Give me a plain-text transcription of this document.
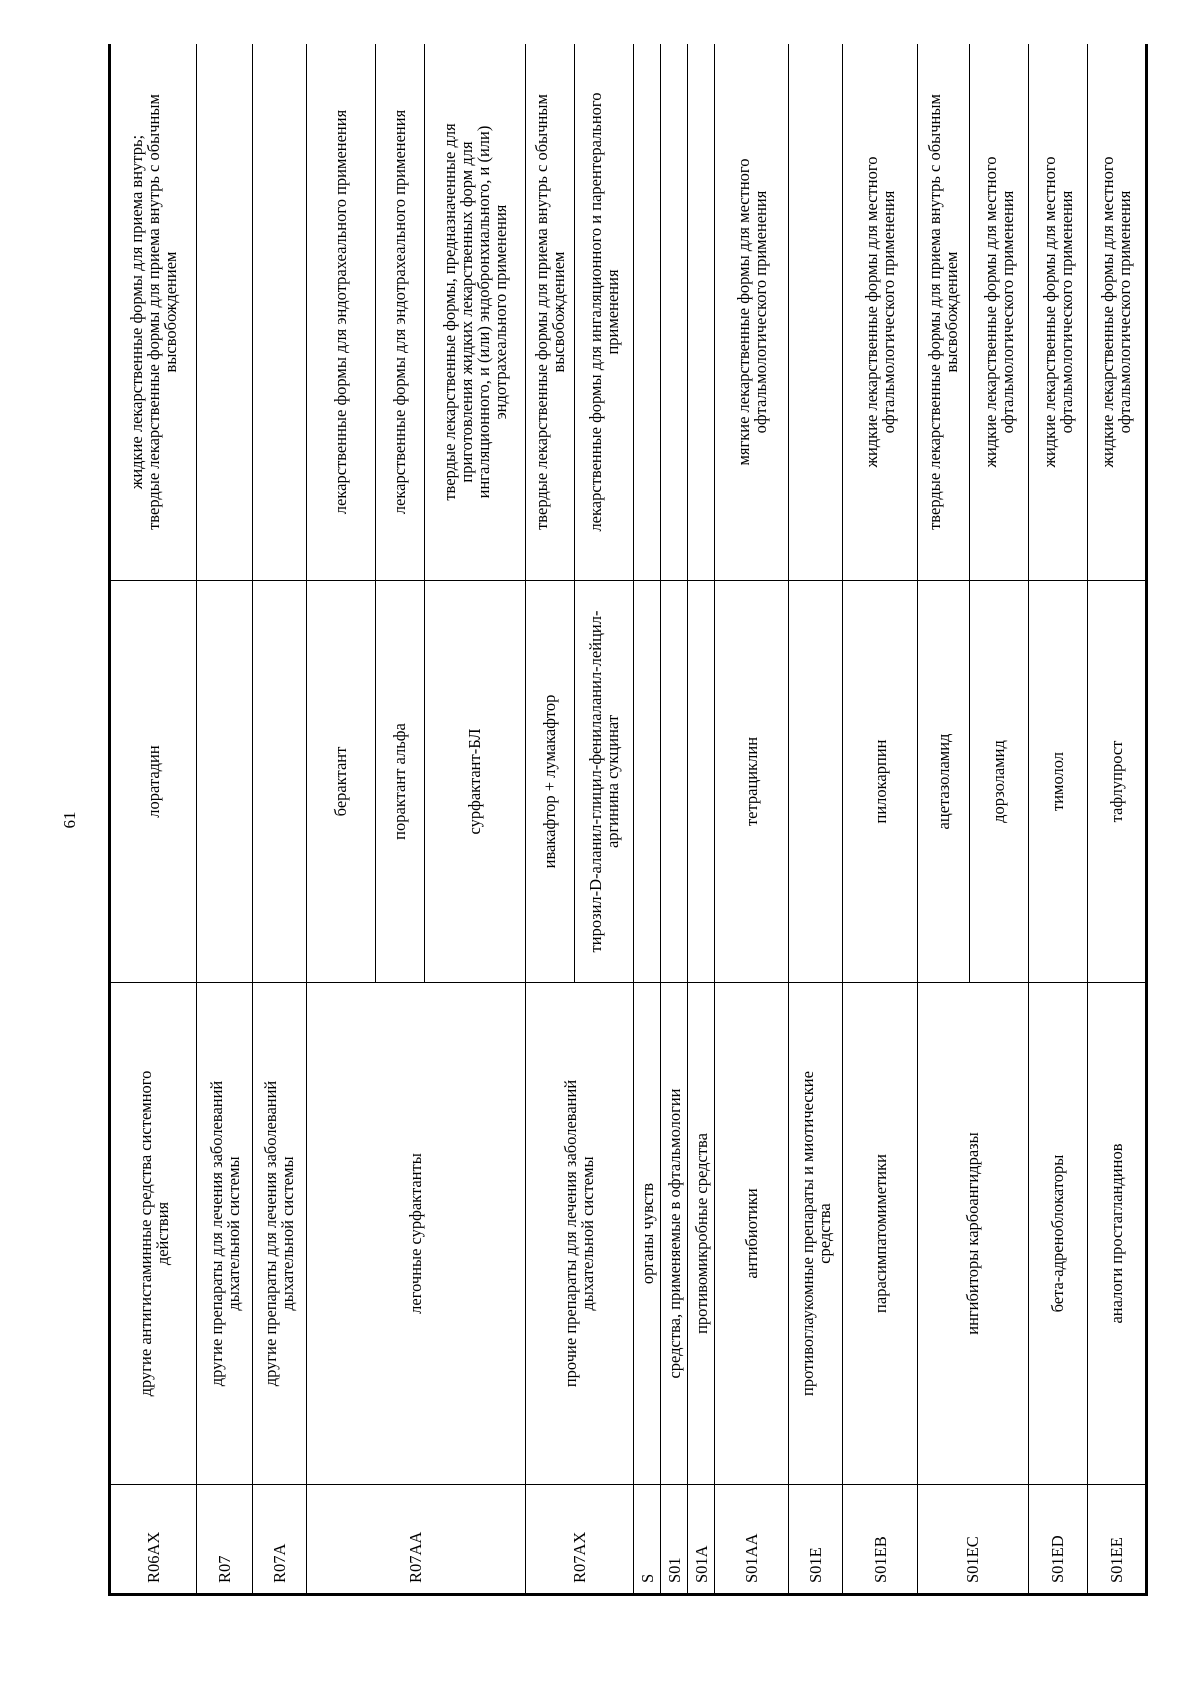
61
R06AX	другие антигистаминные средства системного
действия	лоратадин	жидкие лекарственные формы для приема внутрь;
твердые лекарственные формы для приема внутрь с обычным
высвобождением

R07	другие препараты для лечения заболеваний
дыхательной системы		

R07A	другие препараты для лечения заболеваний
дыхательной системы		

R07AA	легочные сурфактанты	берактант	лекарственные формы для эндотрахеального применения

		порактант альфа	лекарственные формы для эндотрахеального применения

		сурфактант-БЛ	твердые лекарственные формы, предназначенные для
приготовления жидких лекарственных форм для
ингаляционного, и (или) эндобронхиального, и (или)
эндотрахеального применения

R07AX	прочие препараты для лечения заболеваний
дыхательной системы	ивакафтор + лумакафтор	твердые лекарственные формы для приема внутрь с обычным
высвобождением

		тирозил-D-аланил-глицил-фенилаланил-лейцил-аргинина сукцинат	лекарственные формы для ингаляционного и парентерального
применения

S	органы чувств		

S01	средства, применяемые в офтальмологии		

S01A	противомикробные средства		

S01AA	антибиотики	тетрациклин	мягкие лекарственные формы для местного
офтальмологического применения

S01E	противоглаукомные препараты и миотические
средства		

S01EB	парасимпатомиметики	пилокарпин	жидкие лекарственные формы для местного
офтальмологического применения

S01EC	ингибиторы карбоангидразы	ацетазоламид	твердые лекарственные формы для приема внутрь с обычным
высвобождением

		дорзоламид	жидкие лекарственные формы для местного
офтальмологического применения

S01ED	бета-адреноблокаторы	тимолол	жидкие лекарственные формы для местного
офтальмологического применения

S01EE	аналоги простагландинов	тафлупрост	жидкие лекарственные формы для местного
офтальмологического применения
